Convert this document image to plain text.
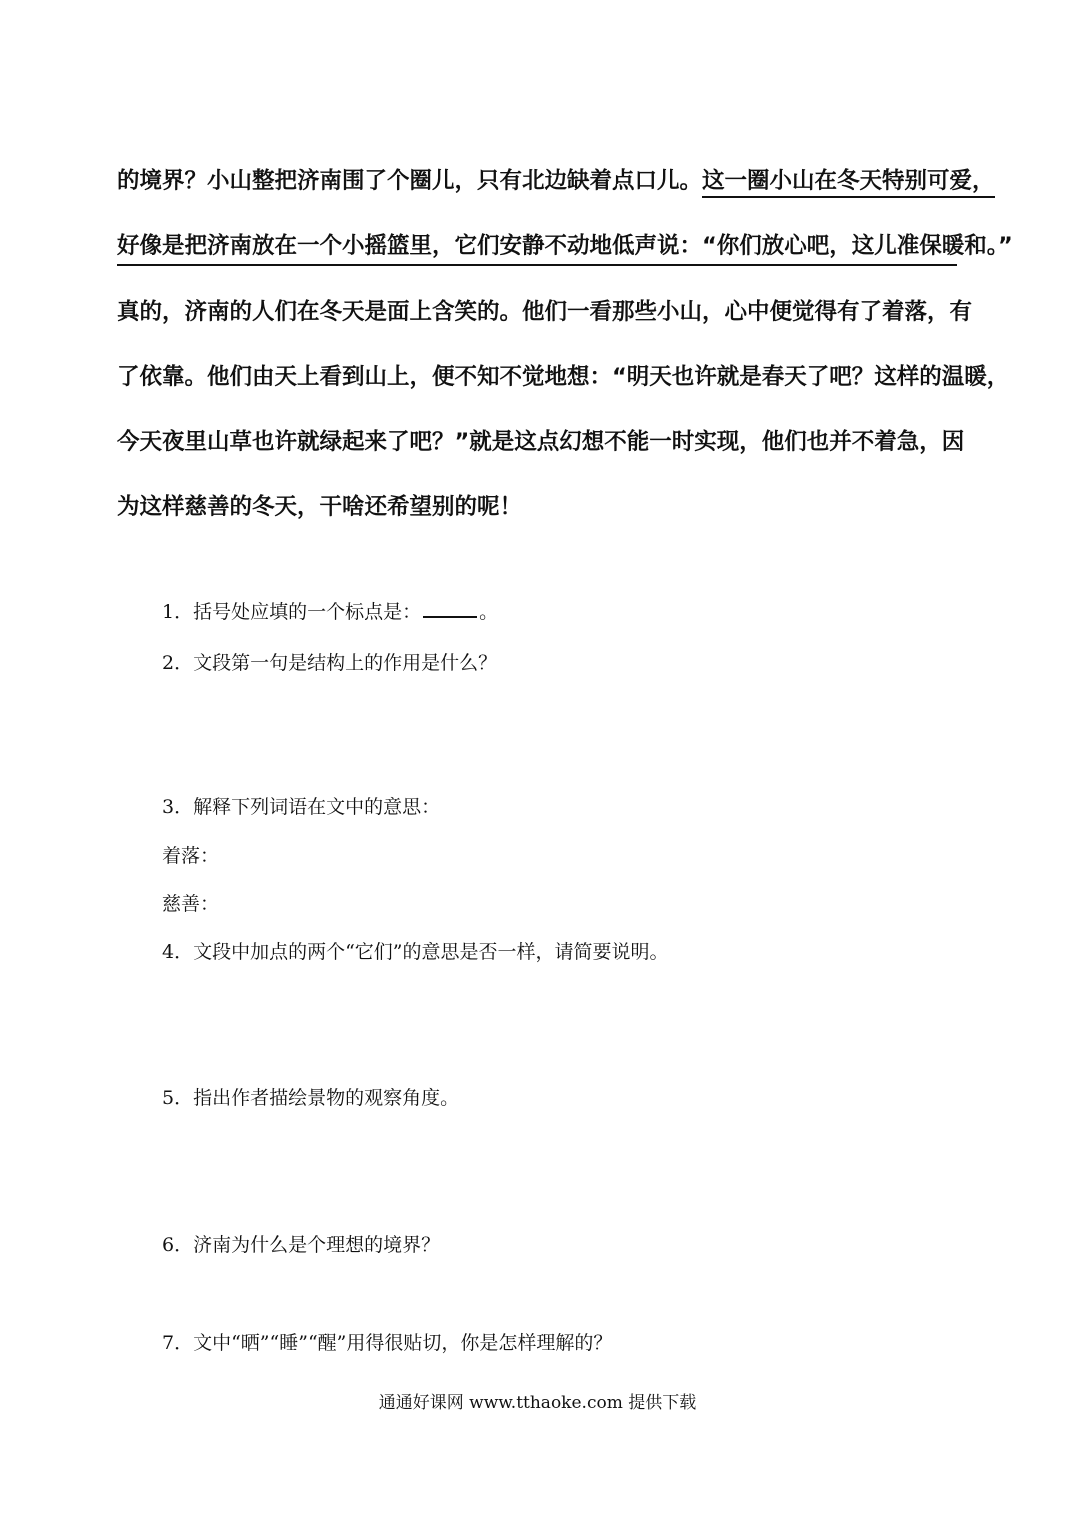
的境界？小山整把济南围了个圈儿，只有北边缺着点口儿。这一圈小山在冬天特别可爱，
好像是把济南放在一个小摇篮里，它们安静不动地低声说：“你们放心吧，这儿准保暖和。”
真的，济南的人们在冬天是面上含笑的。他们一看那些小山，心中便觉得有了着落，有
了依靠。他们由天上看到山上，便不知不觉地想：“明天也许就是春天了吧？这样的温暖，
今天夜里山草也许就绿起来了吧？”就是这点幻想不能一时实现，他们也并不着急，因
为这样慈善的冬天，干啥还希望别的呢！
1．括号处应填的一个标点是：	。
2．文段第一句是结构上的作用是什么？
3．解释下列词语在文中的意思：
着落：
慈善：
4．文段中加点的两个“它们”的意思是否一样，请简要说明。
5．指出作者描绘景物的观察角度。
6．济南为什么是个理想的境界？
7．文中“晒”“睡”“醒”用得很贴切，你是怎样理解的？
通通好课网 www.tthaoke.com 提供下载
